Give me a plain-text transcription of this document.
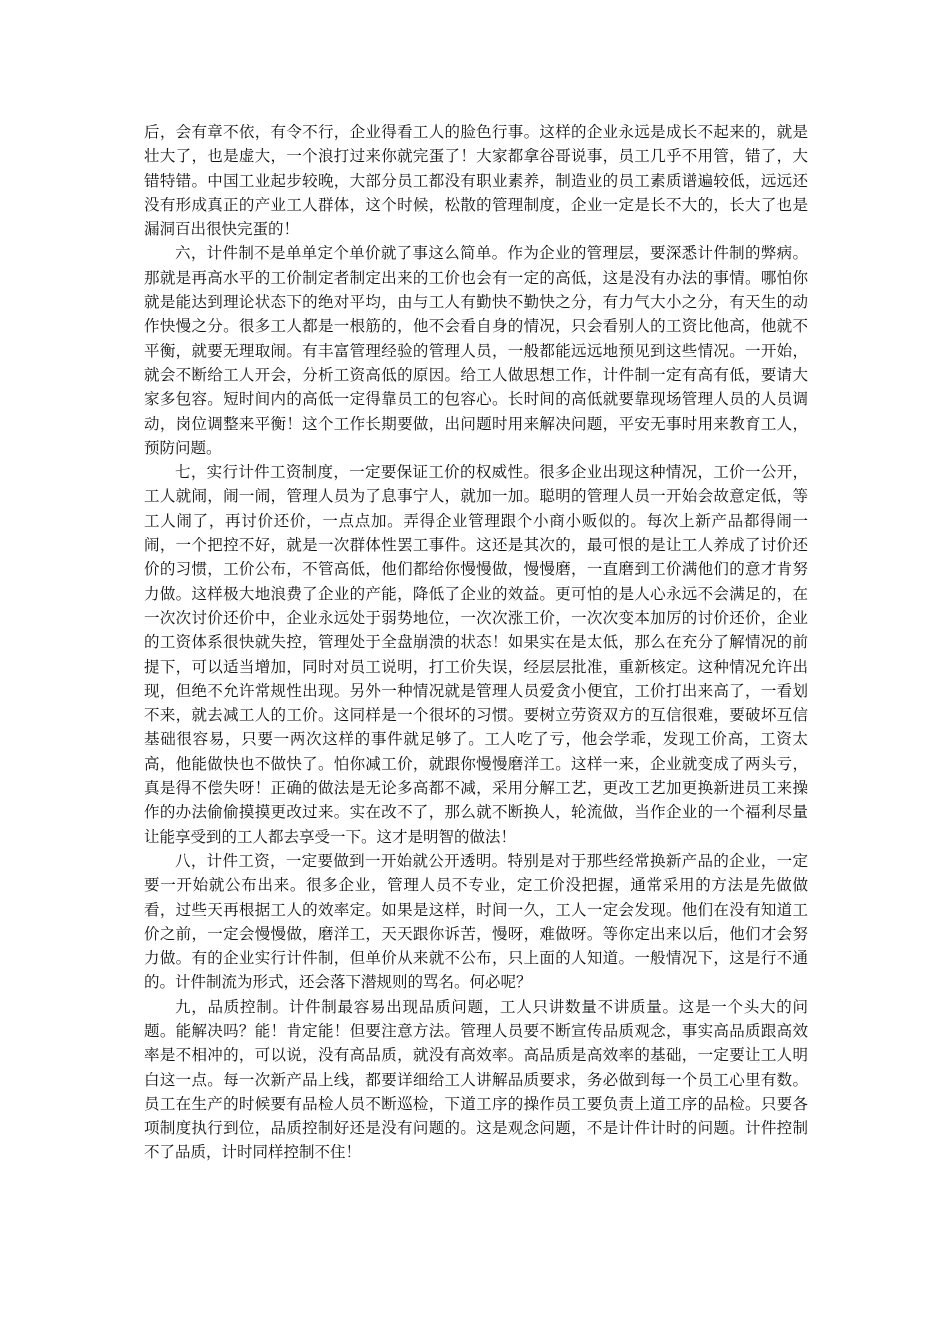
后，会有章不依，有令不行，企业得看工人的脸色行事。这样的企业永远是成长不起来的，就是壮大了，也是虚大，一个浪打过来你就完蛋了！大家都拿谷哥说事，员工几乎不用管，错了，大错特错。中国工业起步较晚，大部分员工都没有职业素养，制造业的员工素质谱遍较低，远远还没有形成真正的产业工人群体，这个时候，松散的管理制度，企业一定是长不大的，长大了也是漏洞百出很快完蛋的！

六，计件制不是单单定个单价就了事这么简单。作为企业的管理层，要深悉计件制的弊病。那就是再高水平的工价制定者制定出来的工价也会有一定的高低，这是没有办法的事情。哪怕你就是能达到理论状态下的绝对平均，由与工人有勤快不勤快之分，有力气大小之分，有天生的动作快慢之分。很多工人都是一根筋的，他不会看自身的情况，只会看别人的工资比他高，他就不平衡，就要无理取闹。有丰富管理经验的管理人员，一般都能远远地预见到这些情况。一开始，就会不断给工人开会，分析工资高低的原因。给工人做思想工作，计件制一定有高有低，要请大家多包容。短时间内的高低一定得靠员工的包容心。长时间的高低就要靠现场管理人员的人员调动，岗位调整来平衡！这个工作长期要做，出问题时用来解决问题，平安无事时用来教育工人，预防问题。

七，实行计件工资制度，一定要保证工价的权威性。很多企业出现这种情况，工价一公开，工人就闹，闹一闹，管理人员为了息事宁人，就加一加。聪明的管理人员一开始会故意定低，等工人闹了，再讨价还价，一点点加。弄得企业管理跟个小商小贩似的。每次上新产品都得闹一闹，一个把控不好，就是一次群体性罢工事件。这还是其次的，最可恨的是让工人养成了讨价还价的习惯，工价公布，不管高低，他们都给你慢慢做，慢慢磨，一直磨到工价满他们的意才肯努力做。这样极大地浪费了企业的产能，降低了企业的效益。更可怕的是人心永远不会满足的，在一次次讨价还价中，企业永远处于弱势地位，一次次涨工价，一次次变本加厉的讨价还价，企业的工资体系很快就失控，管理处于全盘崩溃的状态！如果实在是太低，那么在充分了解情况的前提下，可以适当增加，同时对员工说明，打工价失误，经层层批准，重新核定。这种情况允许出现，但绝不允许常规性出现。另外一种情况就是管理人员爱贪小便宜，工价打出来高了，一看划不来，就去减工人的工价。这同样是一个很坏的习惯。要树立劳资双方的互信很难，要破坏互信基础很容易，只要一两次这样的事件就足够了。工人吃了亏，他会学乖，发现工价高，工资太高，他能做快也不做快了。怕你减工价，就跟你慢慢磨洋工。这样一来，企业就变成了两头亏，真是得不偿失呀！正确的做法是无论多高都不减，采用分解工艺，更改工艺加更换新进员工来操作的办法偷偷摸摸更改过来。实在改不了，那么就不断换人，轮流做，当作企业的一个福利尽量让能享受到的工人都去享受一下。这才是明智的做法！

八，计件工资，一定要做到一开始就公开透明。特别是对于那些经常换新产品的企业，一定要一开始就公布出来。很多企业，管理人员不专业，定工价没把握，通常采用的方法是先做做看，过些天再根据工人的效率定。如果是这样，时间一久，工人一定会发现。他们在没有知道工价之前，一定会慢慢做，磨洋工，天天跟你诉苦，慢呀，难做呀。等你定出来以后，他们才会努力做。有的企业实行计件制，但单价从来就不公布，只上面的人知道。一般情况下，这是行不通的。计件制流为形式，还会落下潜规则的骂名。何必呢？

九，品质控制。计件制最容易出现品质问题，工人只讲数量不讲质量。这是一个头大的问题。能解决吗？能！肯定能！但要注意方法。管理人员要不断宣传品质观念，事实高品质跟高效率是不相冲的，可以说，没有高品质，就没有高效率。高品质是高效率的基础，一定要让工人明白这一点。每一次新产品上线，都要详细给工人讲解品质要求，务必做到每一个员工心里有数。员工在生产的时候要有品检人员不断巡检，下道工序的操作员工要负责上道工序的品检。只要各项制度执行到位，品质控制好还是没有问题的。这是观念问题，不是计件计时的问题。计件控制不了品质，计时同样控制不住！
